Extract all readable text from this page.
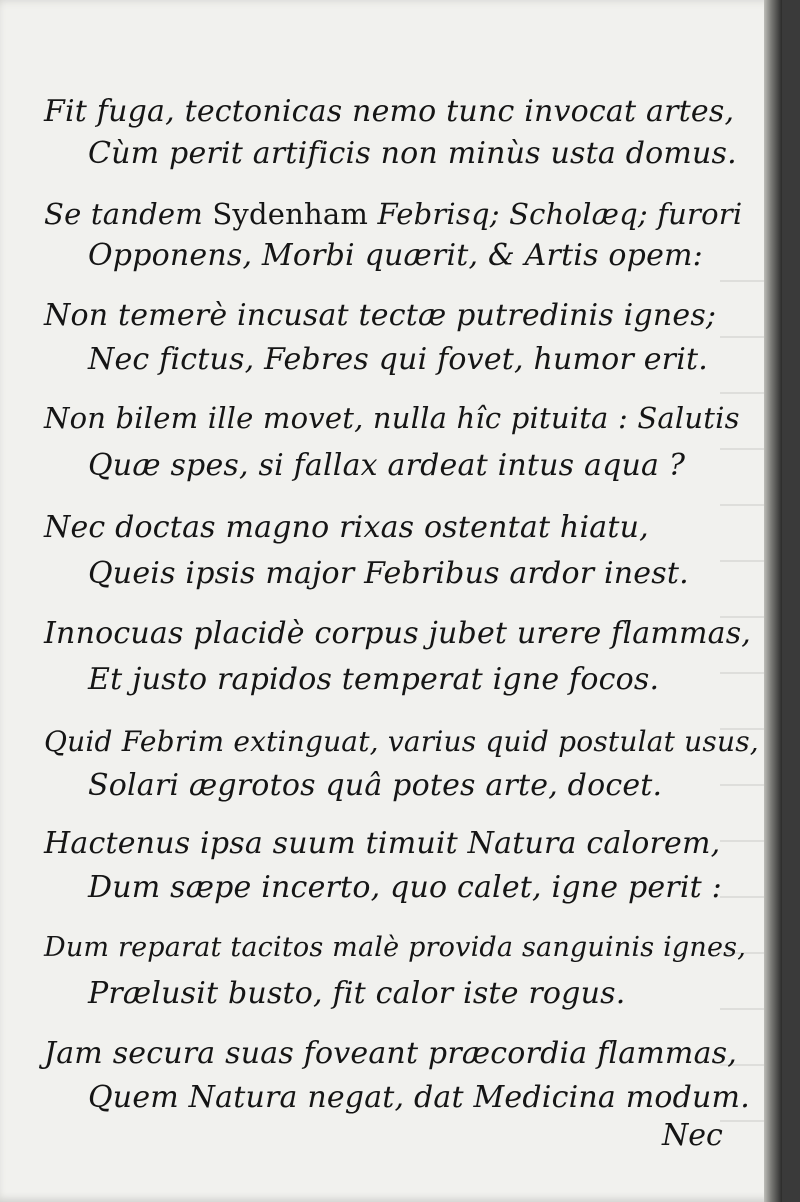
Fit fuga, tectonicas nemo tunc invocat artes,
Cùm perit artificis non minùs usta domus.
Se tandem Sydenham Febrisq; Scholæq; furori
Opponens, Morbi quærit, & Artis opem:
Non temerè incusat tectæ putredinis ignes;
Nec fictus, Febres qui fovet, humor erit.
Non bilem ille movet, nulla hîc pituita : Salutis
Quæ spes, si fallax ardeat intus aqua ?
Nec doctas magno rixas ostentat hiatu,
Queis ipsis major Febribus ardor inest.
Innocuas placidè corpus jubet urere flammas,
Et justo rapidos temperat igne focos.
Quid Febrim extinguat, varius quid postulat usus,
Solari ægrotos quâ potes arte, docet.
Hactenus ipsa suum timuit Natura calorem,
Dum sæpe incerto, quo calet, igne perit :
Dum reparat tacitos malè provida sanguinis ignes,
Prælusit busto, fit calor iste rogus.
Jam secura suas foveant præcordia flammas,
Quem Natura negat, dat Medicina modum.
Nec
